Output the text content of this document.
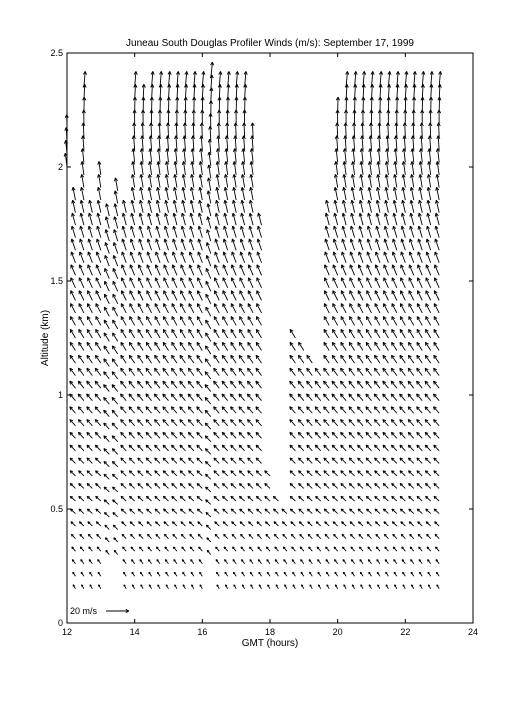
Juneau South Douglas Profiler Winds (m/s): September 17, 1999
12	14	16	18	20	22	24
0
0.5
1
1.5
2
2.5
GMT (hours)
Altitude (km)
20 m/s
